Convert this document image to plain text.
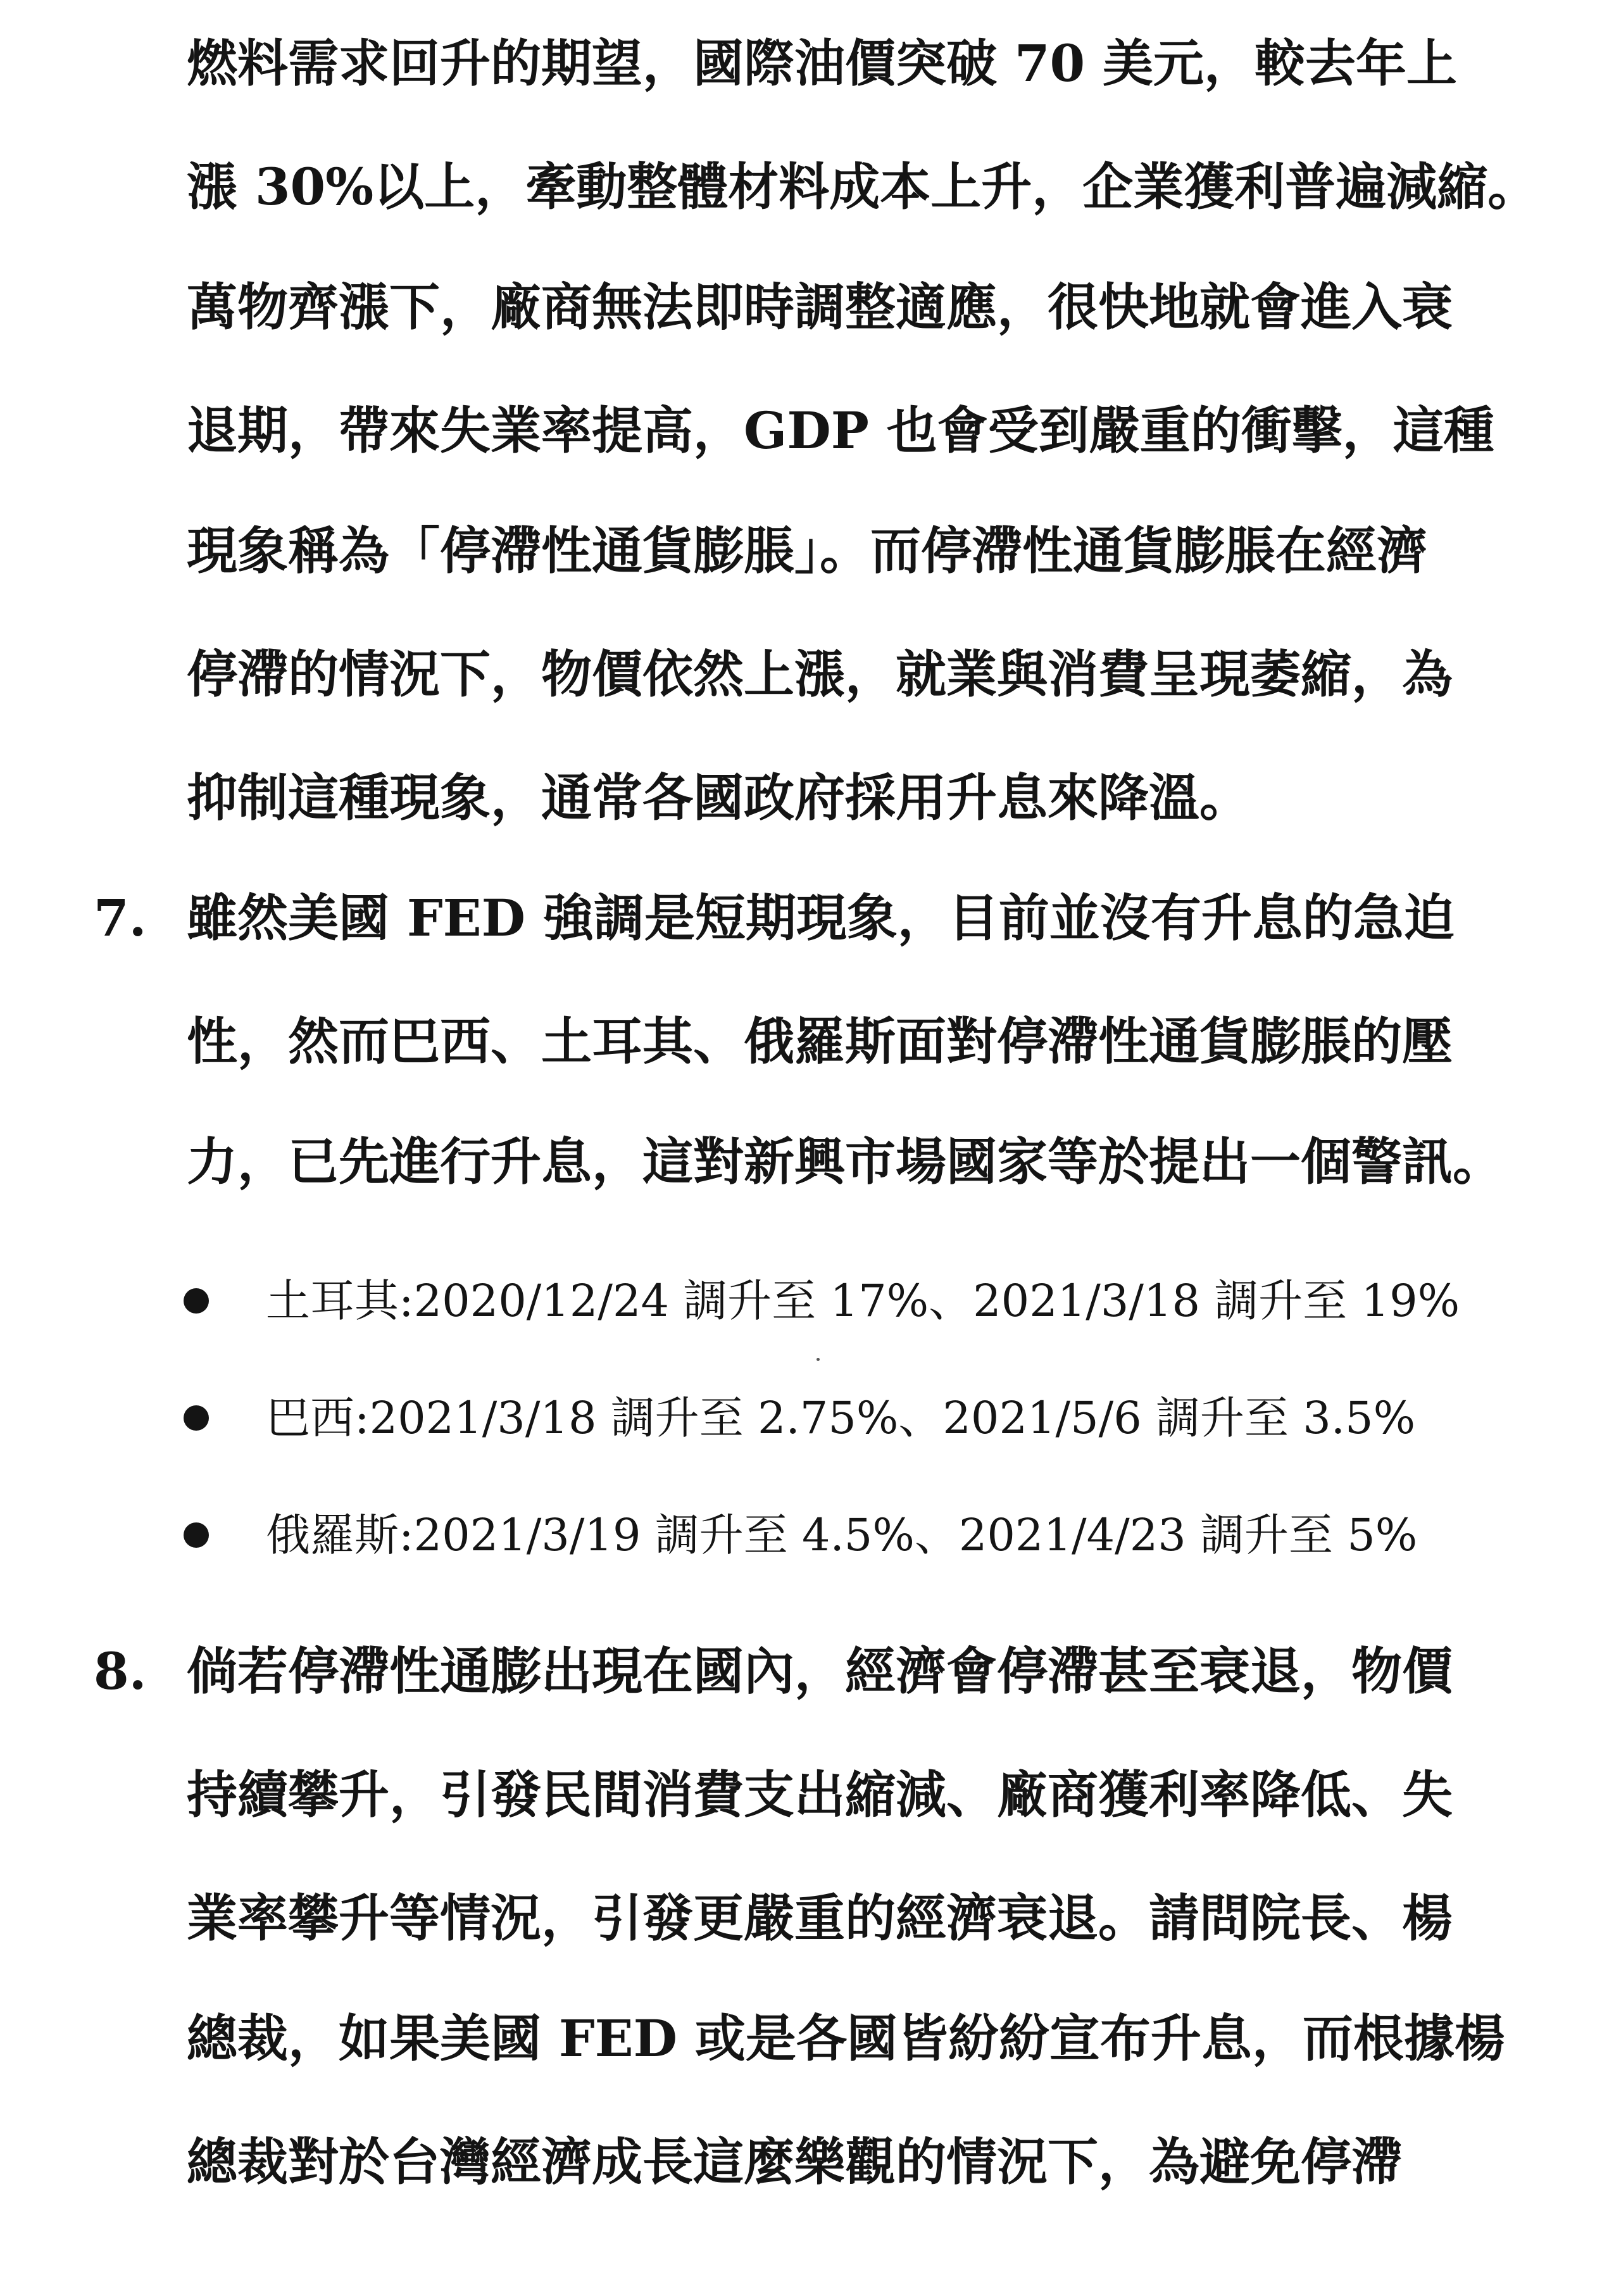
燃料需求回升的期望，國際油價突破 70 美元，較去年上
漲 30%以上，牽動整體材料成本上升，企業獲利普遍減縮。
萬物齊漲下，廠商無法即時調整適應，很快地就會進入衰
退期，帶來失業率提高，GDP 也會受到嚴重的衝擊，這種
現象稱為「停滯性通貨膨脹」。而停滯性通貨膨脹在經濟
停滯的情況下，物價依然上漲，就業與消費呈現萎縮，為
抑制這種現象，通常各國政府採用升息來降溫。
7. 雖然美國 FED 強調是短期現象，目前並沒有升息的急迫
性，然而巴西、土耳其、俄羅斯面對停滯性通貨膨脹的壓
力，已先進行升息，這對新興市場國家等於提出一個警訊。
土耳其:2020/12/24 調升至 17%、2021/3/18 調升至 19%
巴西:2021/3/18 調升至 2.75%、2021/5/6 調升至 3.5%
俄羅斯:2021/3/19 調升至 4.5%、2021/4/23 調升至 5%
8. 倘若停滯性通膨出現在國內，經濟會停滯甚至衰退，物價
持續攀升，引發民間消費支出縮減、廠商獲利率降低、失
業率攀升等情況，引發更嚴重的經濟衰退。請問院長、楊
總裁，如果美國 FED 或是各國皆紛紛宣布升息，而根據楊
總裁對於台灣經濟成長這麼樂觀的情況下，為避免停滯
